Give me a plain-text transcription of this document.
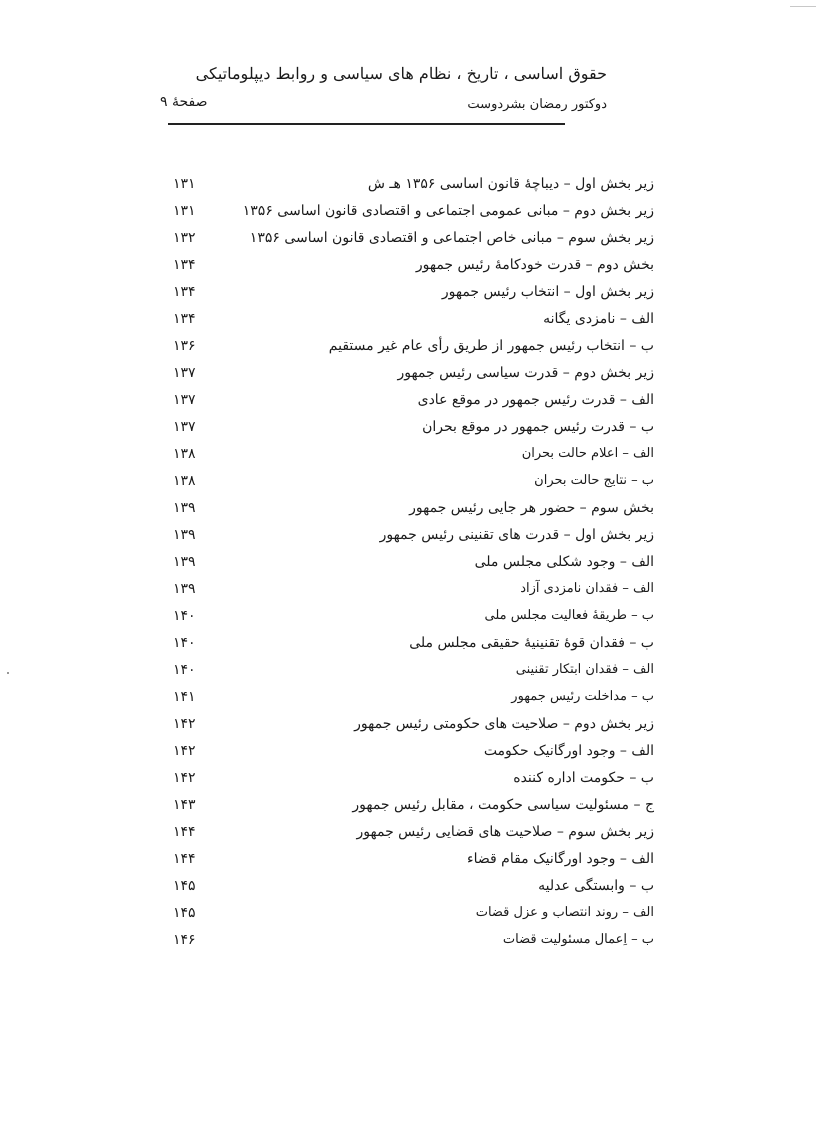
حقوق اساسی ، تاریخ ، نظام های سیاسی و روابط دیپلوماتیکی
دوکتور رمضان بشردوست
صفحهٔ ۹
زیر بخش اول – دیباچهٔ قانون اساسی ۱۳۵۶ هـ ش
۱۳۱
زیر بخش دوم – مبانی عمومی اجتماعی و اقتصادی قانون اساسی ۱۳۵۶
۱۳۱
زیر بخش سوم – مبانی خاص اجتماعی و اقتصادی قانون اساسی ۱۳۵۶
۱۳۲
بخش دوم – قدرت خودکامهٔ رئیس جمهور
۱۳۴
زیر بخش اول – انتخاب رئیس جمهور
۱۳۴
الف – نامزدی یگانه
۱۳۴
ب – انتخاب رئیس جمهور از طریق رأی عام غیر مستقیم
۱۳۶
زیر بخش دوم – قدرت سیاسی رئیس جمهور
۱۳۷
الف – قدرت رئیس جمهور در موقع عادی
۱۳۷
ب – قدرت رئیس جمهور در موقع بحران
۱۳۷
الف – اعلام حالت بحران
۱۳۸
ب – نتایج حالت بحران
۱۳۸
بخش سوم – حضور هر جایی رئیس جمهور
۱۳۹
زیر بخش اول – قدرت های تقنینی رئیس جمهور
۱۳۹
الف – وجود شکلی مجلس ملی
۱۳۹
الف – فقدان نامزدی آزاد
۱۳۹
ب – طریقهٔ فعالیت مجلس ملی
۱۴۰
ب – فقدان قوهٔ تقنینیهٔ حقیقی مجلس ملی
۱۴۰
الف – فقدان ابتکار تقنینی
۱۴۰
ب – مداخلت رئیس جمهور
۱۴۱
زیر بخش دوم – صلاحیت های حکومتی رئیس جمهور
۱۴۲
الف – وجود اورگانیک حکومت
۱۴۲
ب – حکومت اداره کننده
۱۴۲
ج – مسئولیت سیاسی حکومت ، مقابل رئیس جمهور
۱۴۳
زیر بخش سوم – صلاحیت های قضایی رئیس جمهور
۱۴۴
الف – وجود اورگانیک مقام قضاء
۱۴۴
ب – وابستگی عدلیه
۱۴۵
الف – روند انتصاب و عزل قضات
۱۴۵
ب – اِعمال مسئولیت قضات
۱۴۶
